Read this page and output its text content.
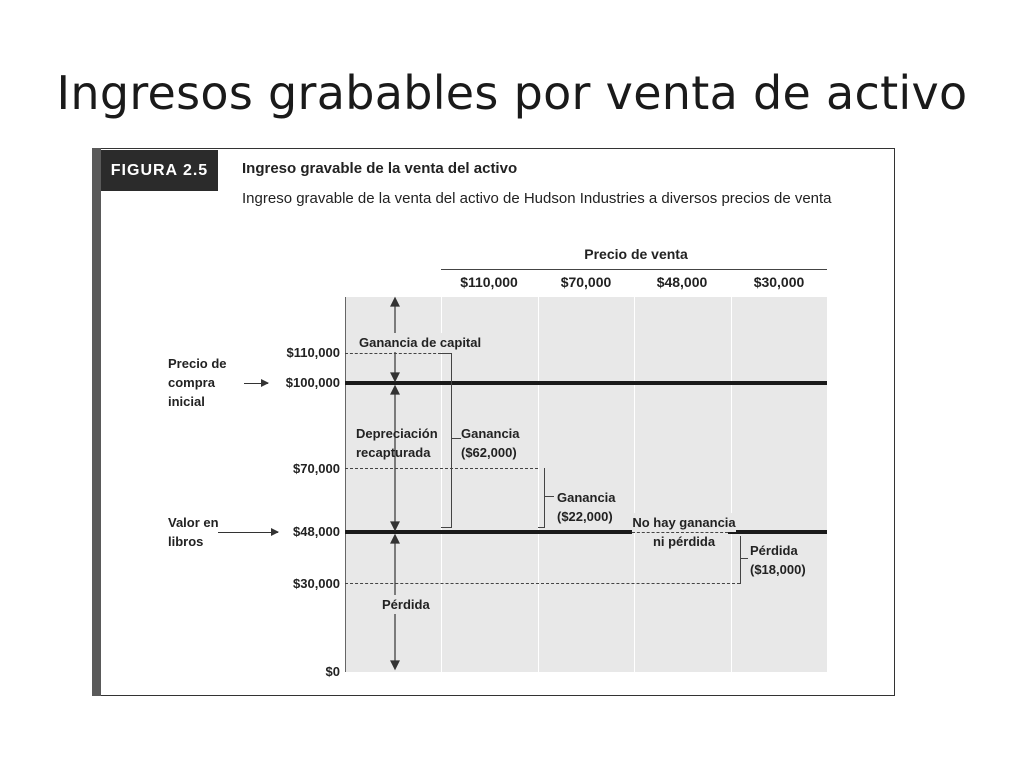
Ingresos grabables por venta de activo
FIGURA 2.5	Ingreso gravable de la venta del activo
Ingreso gravable de la venta del activo de Hudson Industries a diversos precios de venta
Precio de venta
$110,000	$70,000	$48,000	$30,000
$110,000
$100,000
$70,000
$48,000
$30,000
$0
Precio de
compra
inicial
Valor en
libros
Ganancia de capital
Depreciación
recapturada
Ganancia
($62,000)
Ganancia
($22,000) No hay ganancia
ni pérdida
Pérdida
($18,000)
Pérdida
